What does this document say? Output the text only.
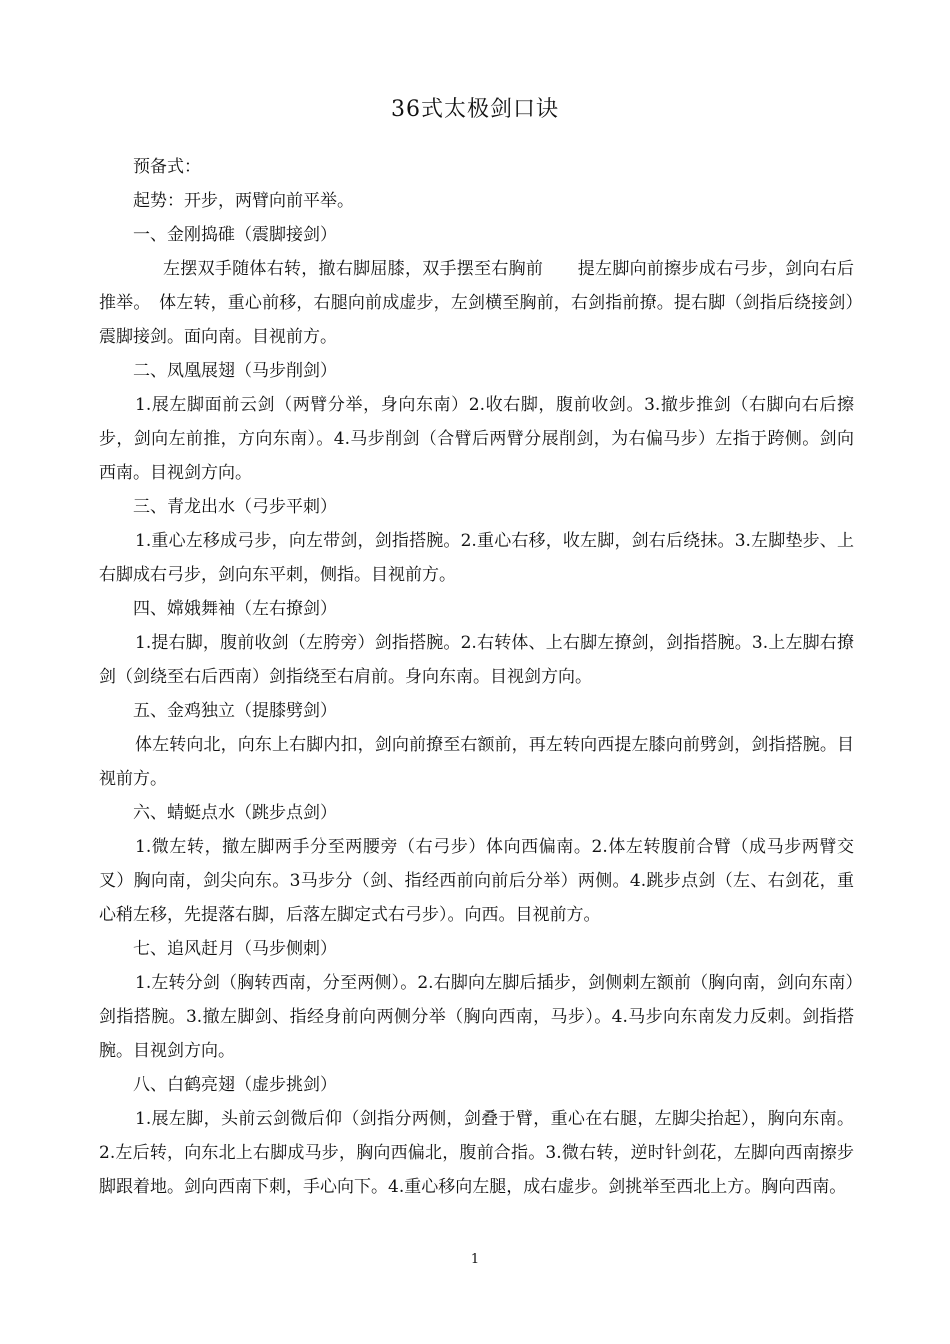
36式太极剑口诀

预备式：

起势：开步，两臂向前平举。

一、金刚捣碓（震脚接剑）

左摆双手随体右转，撤右脚屈膝，双手摆至右胸前　　提左脚向前擦步成右弓步，剑向右后推举。　体左转，重心前移，右腿向前成虚步，左剑横至胸前，右剑指前撩。提右脚（剑指后绕接剑）震脚接剑。面向南。目视前方。

二、凤凰展翅（马步削剑）

1.展左脚面前云剑（两臂分举，身向东南）2.收右脚，腹前收剑。3.撤步推剑（右脚向右后擦步，剑向左前推，方向东南）。4.马步削剑（合臂后两臂分展削剑，为右偏马步）左指于跨侧。剑向西南。目视剑方向。

三、青龙出水（弓步平刺）

1.重心左移成弓步，向左带剑，剑指搭腕。2.重心右移，收左脚，剑右后绕抹。3.左脚垫步、上右脚成右弓步，剑向东平刺，侧指。目视前方。

四、嫦娥舞袖（左右撩剑）

1.提右脚，腹前收剑（左胯旁）剑指搭腕。2.右转体、上右脚左撩剑，剑指搭腕。3.上左脚右撩剑（剑绕至右后西南）剑指绕至右肩前。身向东南。目视剑方向。

五、金鸡独立（提膝劈剑）

体左转向北，向东上右脚内扣，剑向前撩至右额前，再左转向西提左膝向前劈剑，剑指搭腕。目视前方。

六、蜻蜓点水（跳步点剑）

1.微左转，撤左脚两手分至两腰旁（右弓步）体向西偏南。2.体左转腹前合臂（成马步两臂交叉）胸向南，剑尖向东。3马步分（剑、指经西前向前后分举）两侧。4.跳步点剑（左、右剑花，重心稍左移，先提落右脚，后落左脚定式右弓步）。向西。目视前方。

七、追风赶月（马步侧刺）

1.左转分剑（胸转西南，分至两侧）。2.右脚向左脚后插步，剑侧刺左额前（胸向南，剑向东南）剑指搭腕。3.撤左脚剑、指经身前向两侧分举（胸向西南，马步）。4.马步向东南发力反刺。剑指搭腕。目视剑方向。

八、白鹤亮翅（虚步挑剑）

1.展左脚，头前云剑微后仰（剑指分两侧，剑叠于臂，重心在右腿，左脚尖抬起），胸向东南。2.左后转，向东北上右脚成马步，胸向西偏北，腹前合指。3.微右转，逆时针剑花，左脚向西南擦步脚跟着地。剑向西南下刺，手心向下。4.重心移向左腿，成右虚步。剑挑举至西北上方。胸向西南。

1
